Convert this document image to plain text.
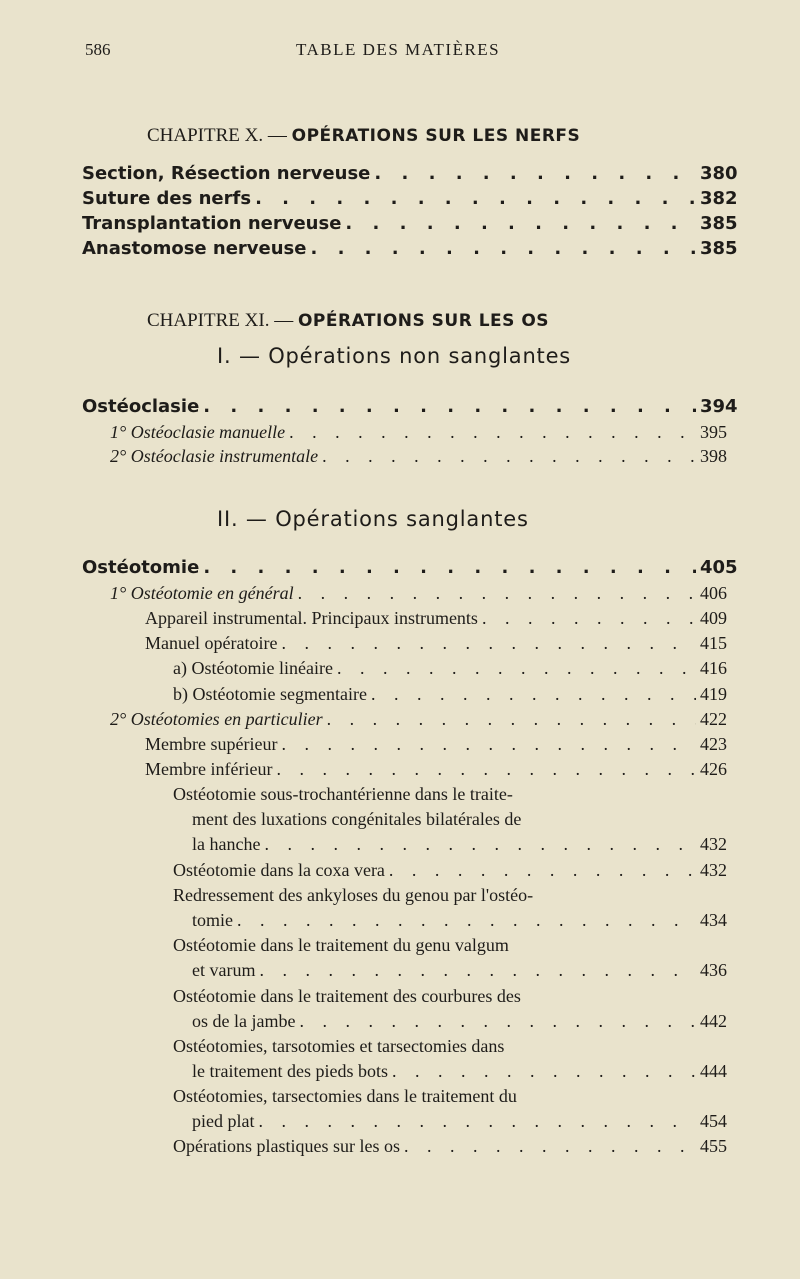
586	TABLE DES MATIÈRES
CHAPITRE X. — OPÉRATIONS SUR LES NERFS
Section, Résection nerveuse . . .	380
Suture des nerfs . . .	382
Transplantation nerveuse . . .	385
Anastomose nerveuse . . .	385
CHAPITRE XI. — OPÉRATIONS SUR LES OS
I. — Opérations non sanglantes
Ostéoclasie . . .	394
1° Ostéoclasie manuelle . . .	395
2° Ostéoclasie instrumentale . . .	398
II. — Opérations sanglantes
Ostéotomie . . .	405
1° Ostéotomie en général . . .	406
Appareil instrumental. Principaux instruments . . .	409
Manuel opératoire . . .	415
a) Ostéotomie linéaire . . .	416
b) Ostéotomie segmentaire . . .	419
2° Ostéotomies en particulier . . .	422
Membre supérieur . . .	423
Membre inférieur . . .	426
Ostéotomie sous-trochantérienne dans le traite-
ment des luxations congénitales bilatérales de
la hanche . . .	432
Ostéotomie dans la coxa vera . . .	432
Redressement des ankyloses du genou par l'ostéo-
tomie . . .	434
Ostéotomie dans le traitement du genu valgum
et varum . . .	436
Ostéotomie dans le traitement des courbures des
os de la jambe . . .	442
Ostéotomies, tarsotomies et tarsectomies dans
le traitement des pieds bots . . .	444
Ostéotomies, tarsectomies dans le traitement du
pied plat . . .	454
Opérations plastiques sur les os . . .	455
